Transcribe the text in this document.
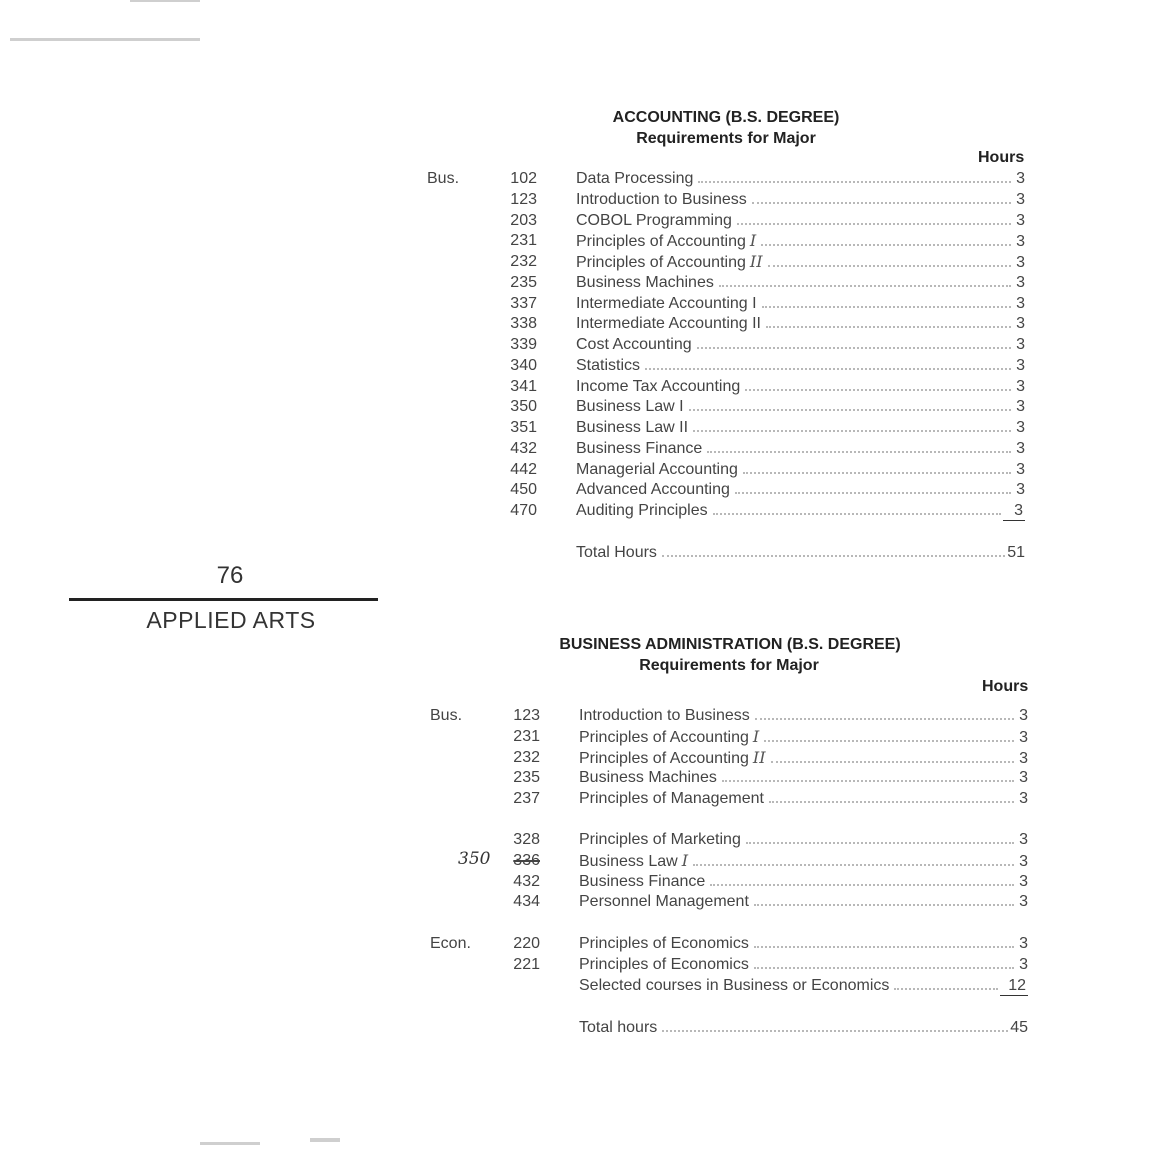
76
APPLIED ARTS
ACCOUNTING (B.S. DEGREE)
Requirements for Major
Hours
Bus.	102 Data Processing	3
123 Introduction to Business	3
203 COBOL Programming	3
231 Principles of Accounting I	3
232 Principles of Accounting II	3
235 Business Machines	3
337 Intermediate Accounting I	3
338 Intermediate Accounting II	3
339 Cost Accounting	3
340 Statistics	3
341 Income Tax Accounting	3
350 Business Law I	3
351 Business Law II	3
432 Business Finance	3
442 Managerial Accounting	3
450 Advanced Accounting	3
470 Auditing Principles	3
Total Hours	51
BUSINESS ADMINISTRATION (B.S. DEGREE)
Requirements for Major
Hours
Bus.	123 Introduction to Business	3
231 Principles of Accounting I	3
232 Principles of Accounting II	3
235 Business Machines	3
237 Principles of Management	3
328 Principles of Marketing	3
336 Business Law I	3
432 Business Finance	3
434 Personnel Management	3
Econ.	220 Principles of Economics	3
221 Principles of Economics	3
Selected courses in Business or Economics	12
350
Total hours	45
